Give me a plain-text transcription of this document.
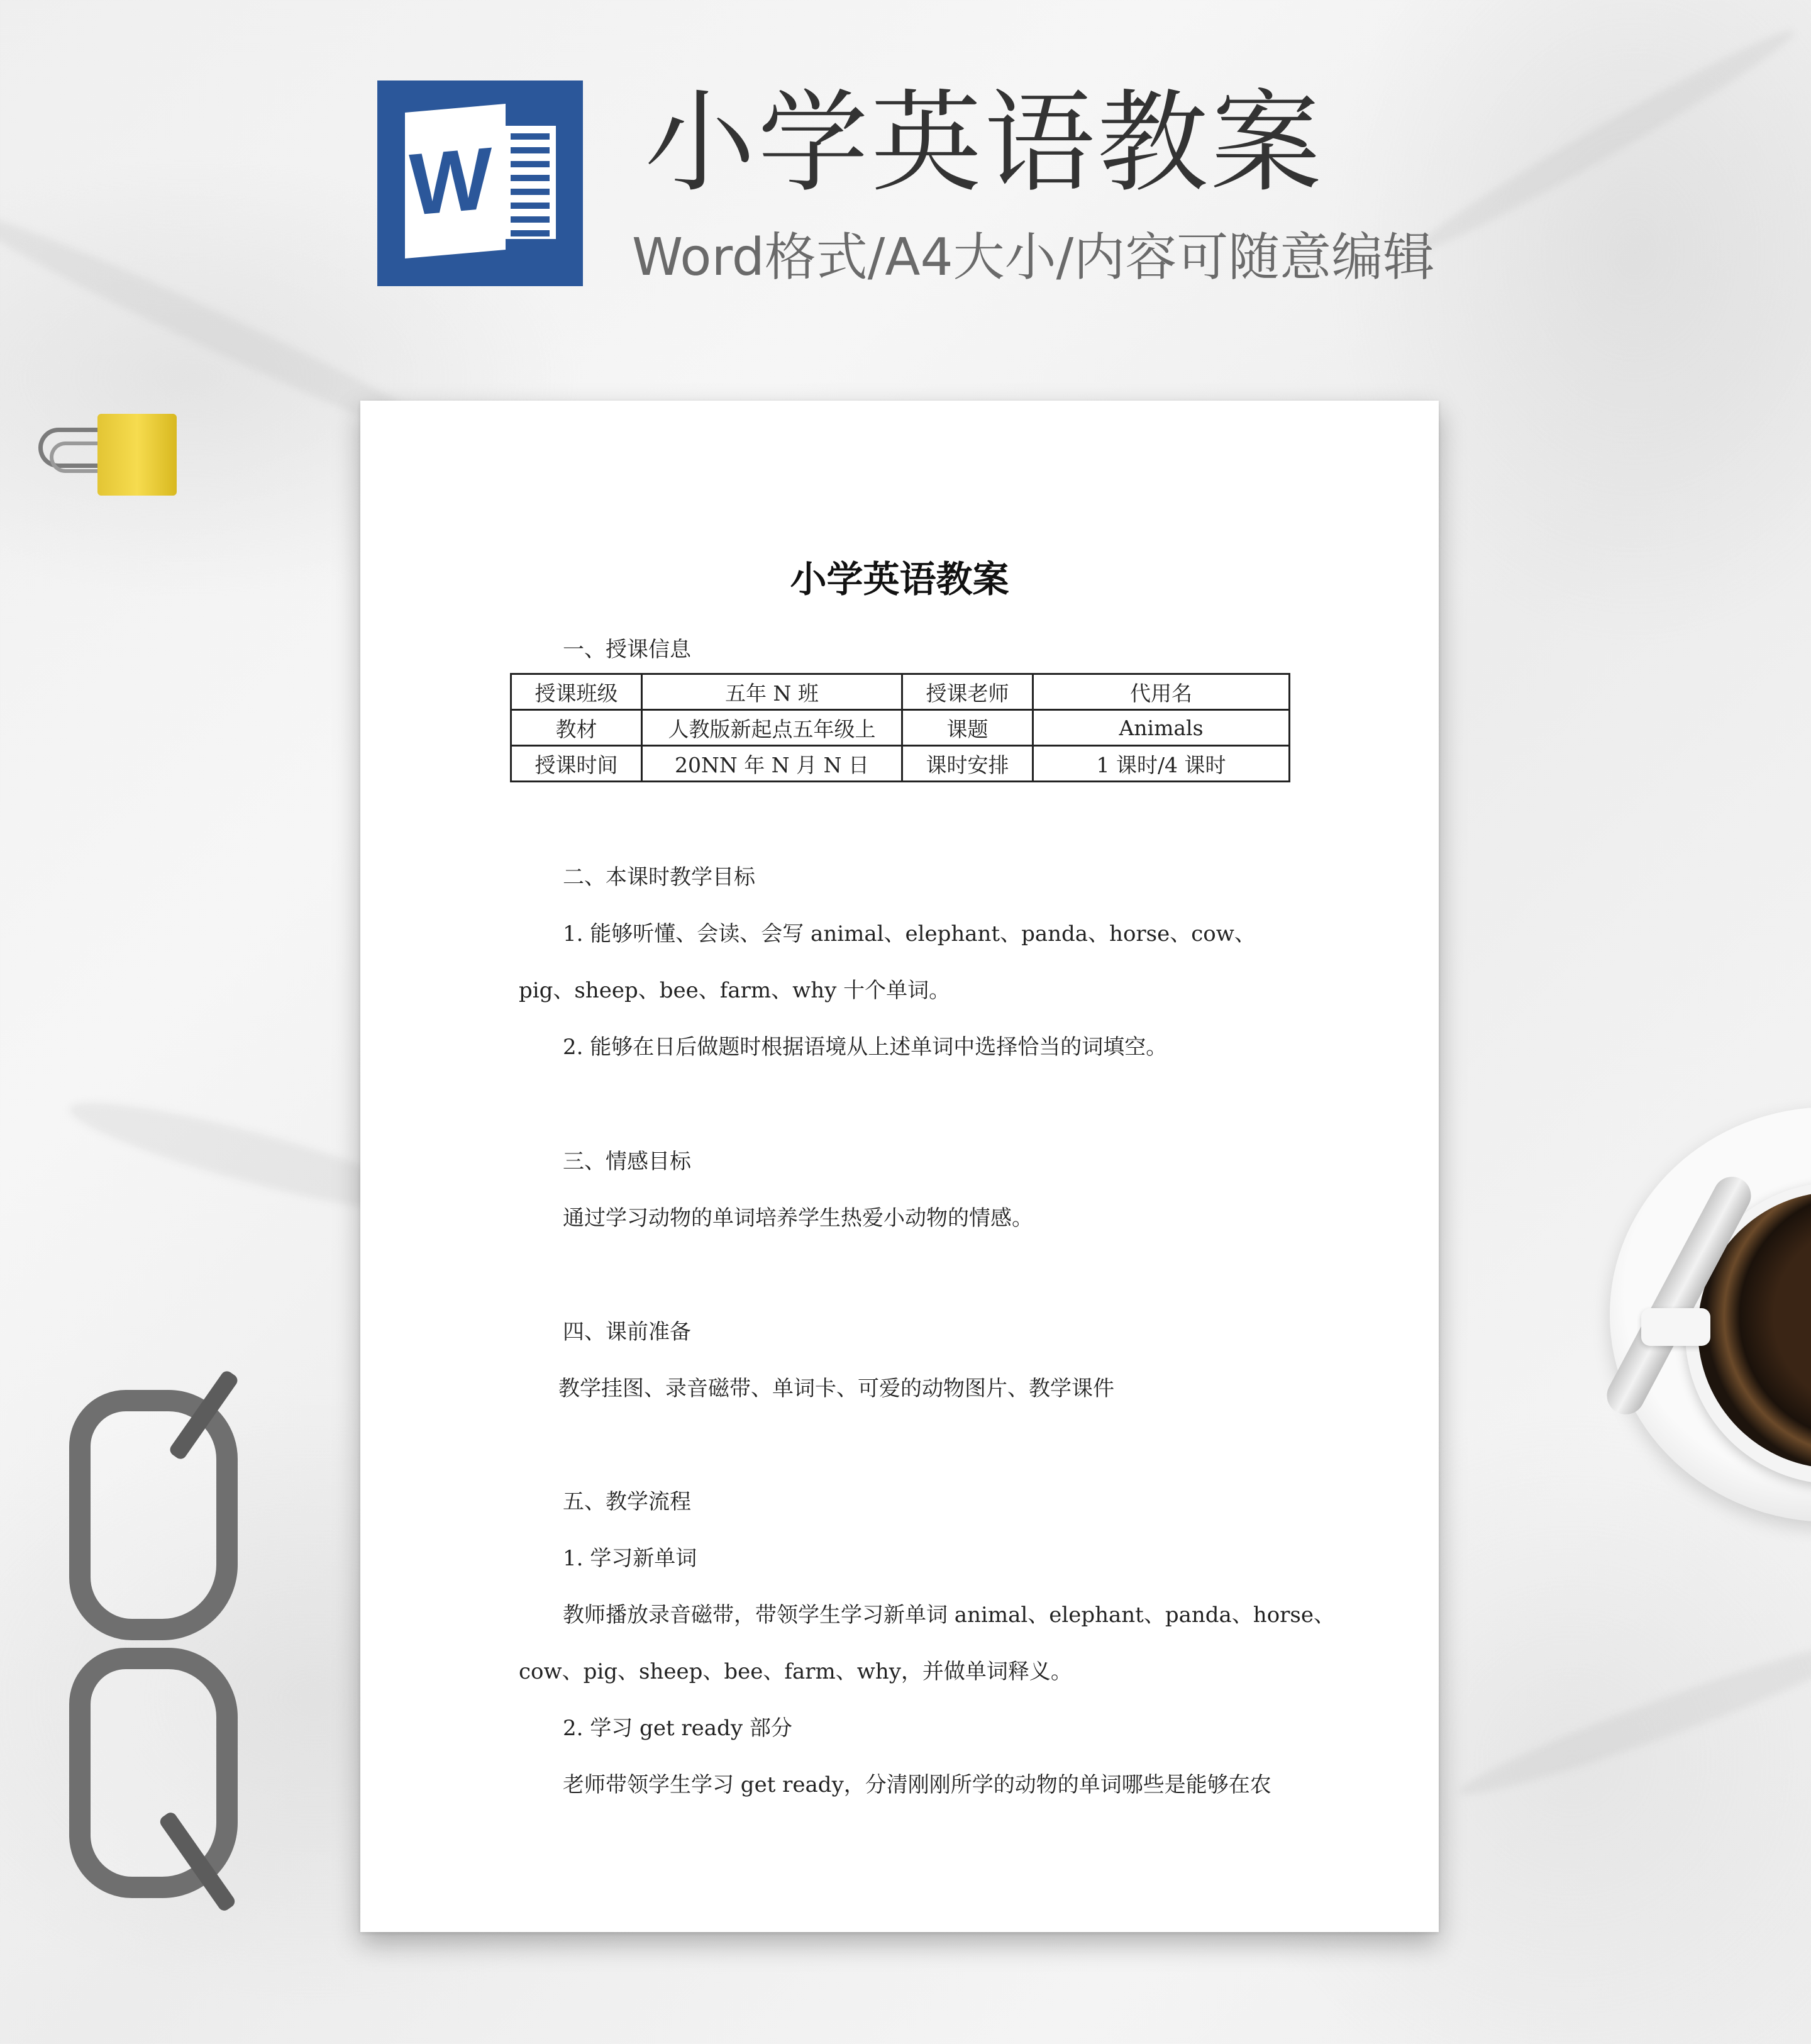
W 小学英语教案
Word格式/A4大小/内容可随意编辑
小学英语教案
一、授课信息
授课班级	五年 N 班	授课老师	代用名
教材	人教版新起点五年级上	课题	Animals
授课时间	20NN 年 N 月 N 日	课时安排	1 课时/4 课时
二、本课时教学目标
1. 能够听懂、会读、会写 animal、elephant、panda、horse、cow、
pig、sheep、bee、farm、why 十个单词。
2. 能够在日后做题时根据语境从上述单词中选择恰当的词填空。
三、情感目标
通过学习动物的单词培养学生热爱小动物的情感。
四、课前准备
教学挂图、录音磁带、单词卡、可爱的动物图片、教学课件
五、教学流程
1. 学习新单词
教师播放录音磁带，带领学生学习新单词 animal、elephant、panda、horse、
cow、pig、sheep、bee、farm、why，并做单词释义。
2. 学习 get ready 部分
老师带领学生学习 get ready，分清刚刚所学的动物的单词哪些是能够在农
